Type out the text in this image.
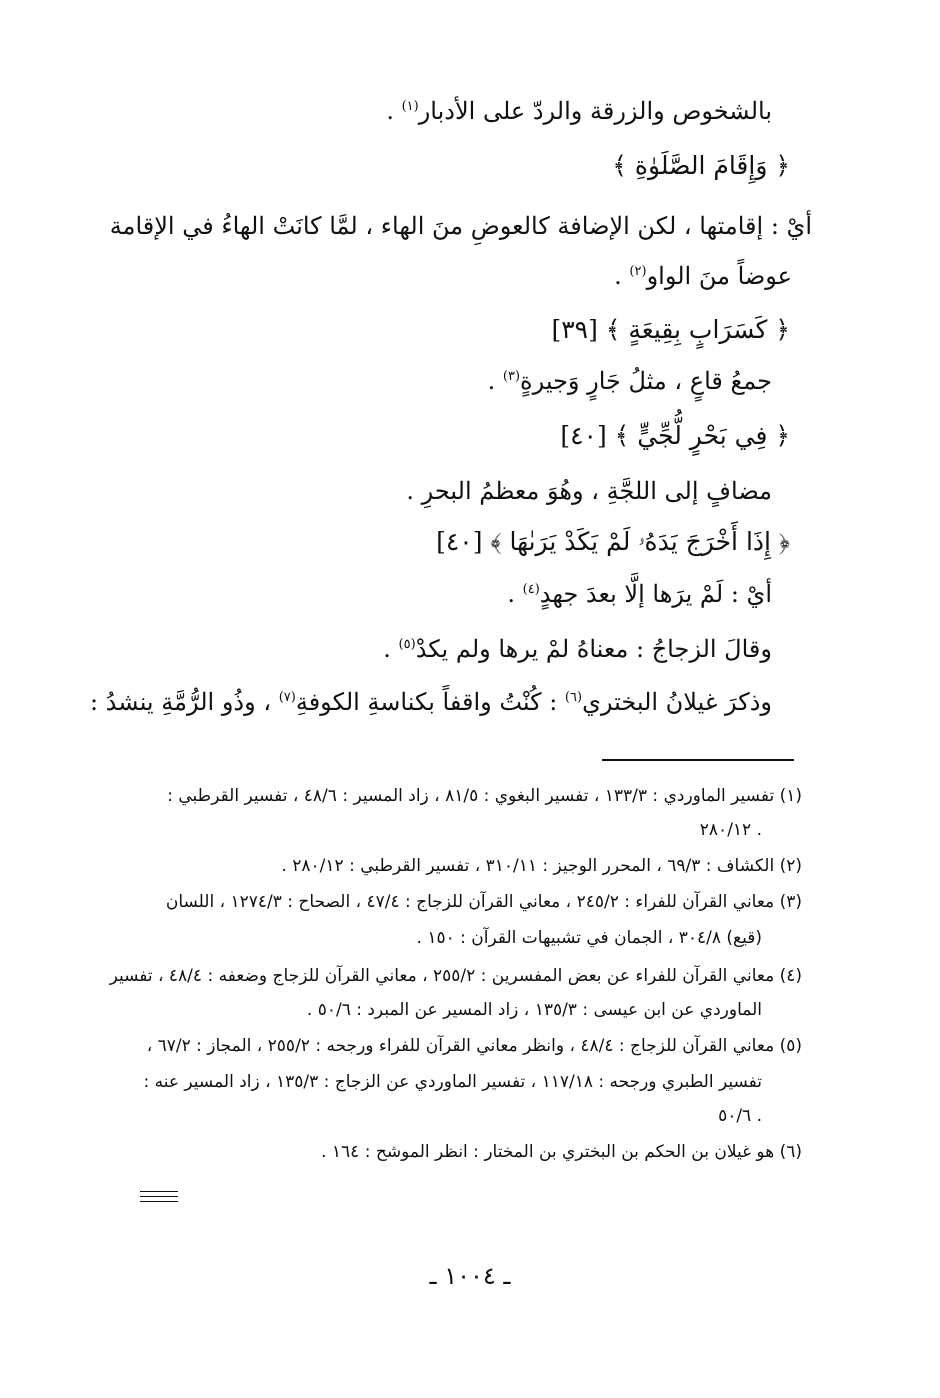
بالشخوص والزرقة والردّ على الأدبار$^{(١)}$ .
﴿ وَإِقَامَ الصَّلَوٰةِ ﴾
أيْ : إقامتها ، لكن الإضافة كالعوضِ منَ الهاء ، لمَّا كانَتْ الهاءُ في الإقامة
عوضاً منَ الواو$^{(٢)}$ .
﴿ كَسَرَابٍ بِقِيعَةٍ ﴾ [٣٩]
جمعُ قاعٍ ، مثلُ جَارٍ وَجيرةٍ$^{(٣)}$ .
﴿ فِي بَحْرٍ لُّجِّيٍّ ﴾ [٤٠]
مضافٍ إلى اللجَّةِ ، وهُوَ معظمُ البحرِ .
﴿ إِذَا أَخْرَجَ يَدَهُۥ لَمْ يَكَدْ يَرَىٰهَا ﴾ [٤٠]
أيْ : لَمْ يرَها إلَّا بعدَ جهدٍ$^{(٤)}$ .
وقالَ الزجاجُ : معناهُ لمْ يرها ولم يكدْ$^{(٥)}$ .
وذكرَ غيلانُ البختري$^{(٦)}$ : كُنْتُ واقفاً بكناسةِ الكوفةِ$^{(٧)}$ ، وذُو الرُّمَّةِ ينشدُ :
(١) تفسير الماوردي : ١٣٣/٣ ، تفسير البغوي : ٨١/٥ ، زاد المسير : ٤٨/٦ ، تفسير القرطبي :
٢٨٠/١٢ .
(٢) الكشاف : ٦٩/٣ ، المحرر الوجيز : ٣١٠/١١ ، تفسير القرطبي : ٢٨٠/١٢ .
(٣) معاني القرآن للفراء : ٢٤٥/٢ ، معاني القرآن للزجاج : ٤٧/٤ ، الصحاح : ١٢٧٤/٣ ، اللسان
(قيع) ٣٠٤/٨ ، الجمان في تشبيهات القرآن : ١٥٠ .
(٤) معاني القرآن للفراء عن بعض المفسرين : ٢٥٥/٢ ، معاني القرآن للزجاج وضعفه : ٤٨/٤ ، تفسير
الماوردي عن ابن عيسى : ١٣٥/٣ ، زاد المسير عن المبرد : ٥٠/٦ .
(٥) معاني القرآن للزجاج : ٤٨/٤ ، وانظر معاني القرآن للفراء ورجحه : ٢٥٥/٢ ، المجاز : ٦٧/٢ ،
تفسير الطبري ورجحه : ١١٧/١٨ ، تفسير الماوردي عن الزجاج : ١٣٥/٣ ، زاد المسير عنه :
٥٠/٦ .
(٦) هو غيلان بن الحكم بن البختري بن المختار : انظر الموشح : ١٦٤ .
ـ ١٠٠٤ ـ
